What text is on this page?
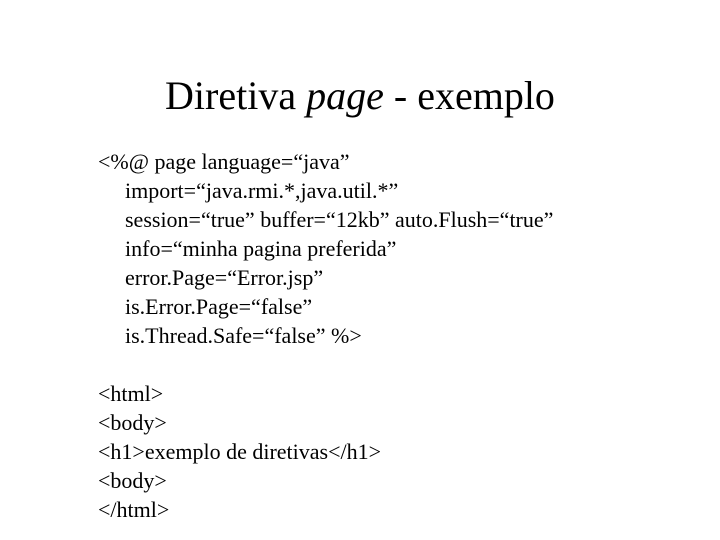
Diretiva page - exemplo
<%@ page language=“java”
import=“java.rmi.*,java.util.*”
session=“true” buffer=“12kb” auto.Flush=“true”
info=“minha pagina preferida”
error.Page=“Error.jsp”
is.Error.Page=“false”
is.Thread.Safe=“false” %>
<html>
<body>
<h1>exemplo de diretivas</h1>
<body>
</html>
